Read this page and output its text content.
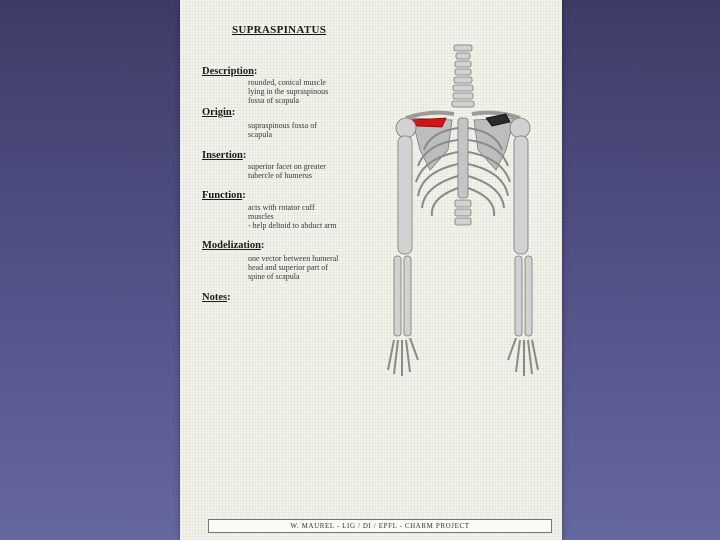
SUPRASPINATUS
Description:
rounded, conical muscle
lying in the supraspinous
fossa of scapula
Origin:
supraspinous fossa of
scapula
Insertion:
superior facet on greater
tubercle of humerus
Function:
acts with rotator cuff
muscles
- help deltoid to abduct arm
Modelization:
one vector between humeral
head and superior part of
spine of scapula
Notes:
W. MAUREL - LIG / DI / EPFL - CHARM PROJECT
